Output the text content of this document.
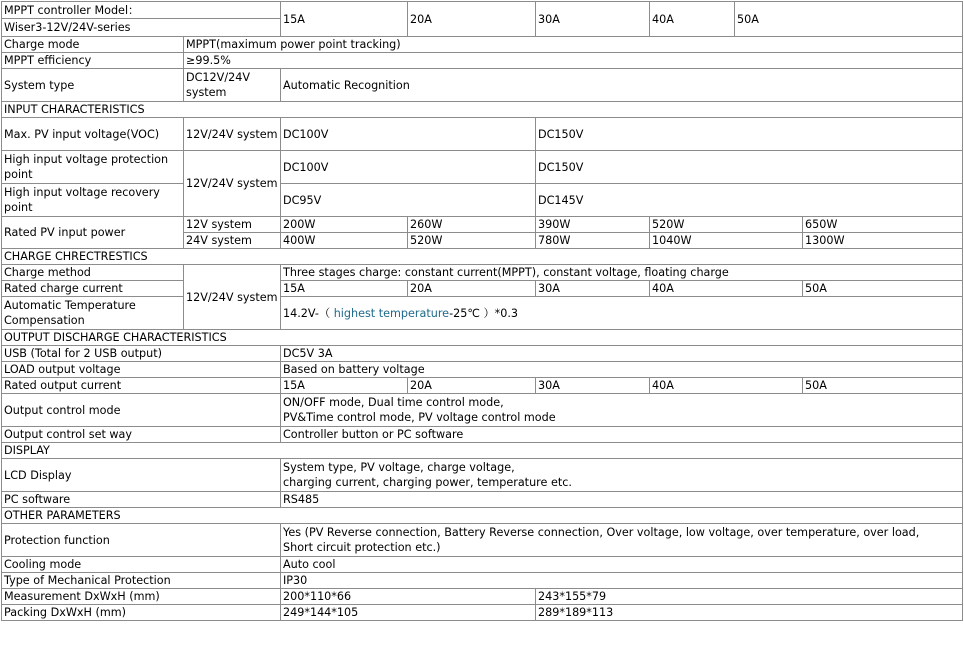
MPPT controller Model：		15A	20A	30A	40A	50A	
Wiser3-12V/24V-series							
Charge mode	MPPT(maximum power point tracking)						
MPPT efficiency	≥99.5%						
System type	DC12V/24V system	Automatic Recognition					
INPUT CHARACTERISTICS							
Max. PV input voltage(VOC)	12V/24V system	DC100V		DC150V			
High input voltage protection point	12V/24V system	DC100V		DC150V			
High input voltage recovery point		DC95V		DC145V			
Rated PV input power	12V system	200W	260W	390W	520W		650W
	24V system	400W	520W	780W	1040W		1300W
CHARGE CHRECTRESTICS							
Charge method	12V/24V system	Three stages charge: constant current(MPPT), constant voltage, floating charge					
Rated charge current		15A	20A	30A	40A		50A
Automatic Temperature Compensation		14.2V-（ highest temperature-25℃ ）*0.3					
OUTPUT DISCHARGE CHARACTERISTICS							
USB (Total for 2 USB output)		DC5V 3A					
LOAD output voltage		Based on battery voltage					
Rated output current		15A	20A	30A	40A		50A
Output control mode		ON/OFF mode, Dual time control mode,
PV&Time control mode, PV voltage control mode					

Output control set way		Controller button or PC software					
DISPLAY							
LCD Display		System type, PV voltage, charge voltage,
charging current, charging power, temperature etc.					

PC software		RS485					
OTHER PARAMETERS							
Protection function		Yes (PV Reverse connection, Battery Reverse connection, Over voltage, low voltage, over temperature, over load,
Short circuit protection etc.)					

Cooling mode		Auto cool					
Type of Mechanical Protection		IP30					
Measurement DxWxH (mm)		200*110*66		243*155*79			
Packing DxWxH (mm)		249*144*105		289*189*113			
